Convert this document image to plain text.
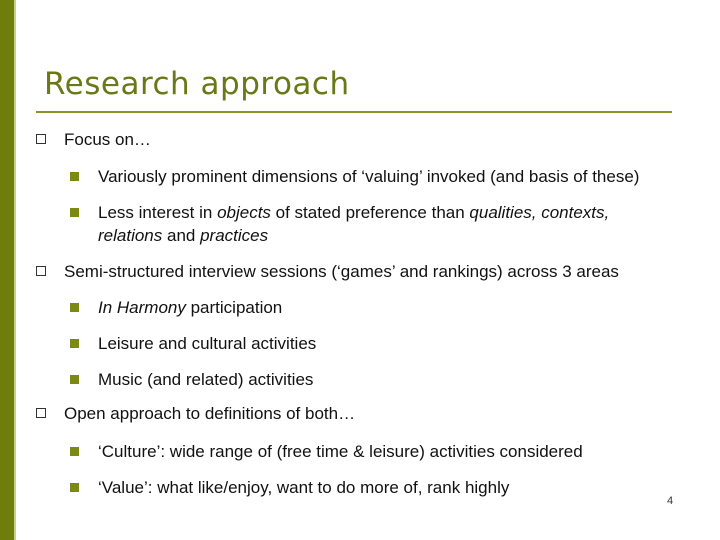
Research approach
Focus on…
Variously prominent dimensions of ‘valuing’ invoked (and basis of these)
Less interest in objects of stated preference than qualities, contexts,
relations and practices
Semi-structured interview sessions (‘games’ and rankings) across 3 areas
In Harmony participation
Leisure and cultural activities
Music (and related) activities
Open approach to definitions of both…
‘Culture’: wide range of (free time & leisure) activities considered
‘Value’: what like/enjoy, want to do more of, rank highly
4
